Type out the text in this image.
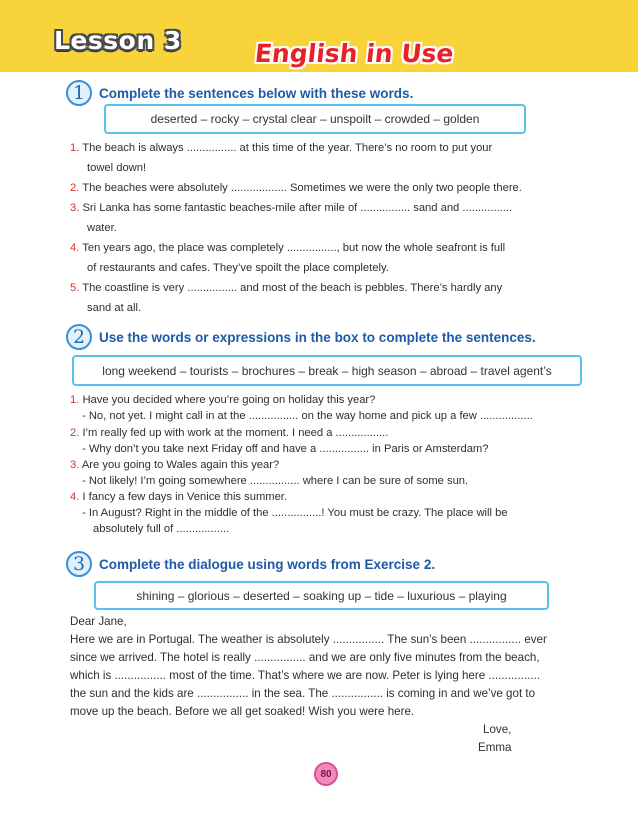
Lesson 3	English in Use
1	Complete the sentences below with these words.
deserted – rocky – crystal clear – unspoilt – crowded – golden
1. The beach is always ................ at this time of the year. There’s no room to put your
towel down!
2. The beaches were absolutely .................. Sometimes we were the only two people there.
3. Sri Lanka has some fantastic beaches-mile after mile of ................ sand and ................
water.
4. Ten years ago, the place was completely ................, but now the whole seafront is full
of restaurants and cafes. They’ve spoilt the place completely.
5. The coastline is very ................ and most of the beach is pebbles. There’s hardly any
sand at all.
2	Use the words or expressions in the box to complete the sentences.
long weekend – tourists – brochures – break – high season – abroad – travel agent’s
1. Have you decided where you’re going on holiday this year?
- No, not yet. I might call in at the ................ on the way home and pick up a few .................
2. I’m really fed up with work at the moment. I need a .................
- Why don’t you take next Friday off and have a ................ in Paris or Amsterdam?
3. Are you going to Wales again this year?
- Not likely! I’m going somewhere ................ where I can be sure of some sun.
4. I fancy a few days in Venice this summer.
- In August? Right in the middle of the ................! You must be crazy. The place will be
absolutely full of .................
3	Complete the dialogue using words from Exercise 2.
shining – glorious – deserted – soaking up – tide – luxurious – playing
Dear Jane,
Here we are in Portugal. The weather is absolutely ................ The sun’s been ................ ever
since we arrived. The hotel is really ................ and we are only five minutes from the beach,
which is ................ most of the time. That’s where we are now. Peter is lying here ................
the sun and the kids are ................ in the sea. The ................ is coming in and we’ve got to
move up the beach. Before we all get soaked! Wish you were here.
Love,
Emma
80
